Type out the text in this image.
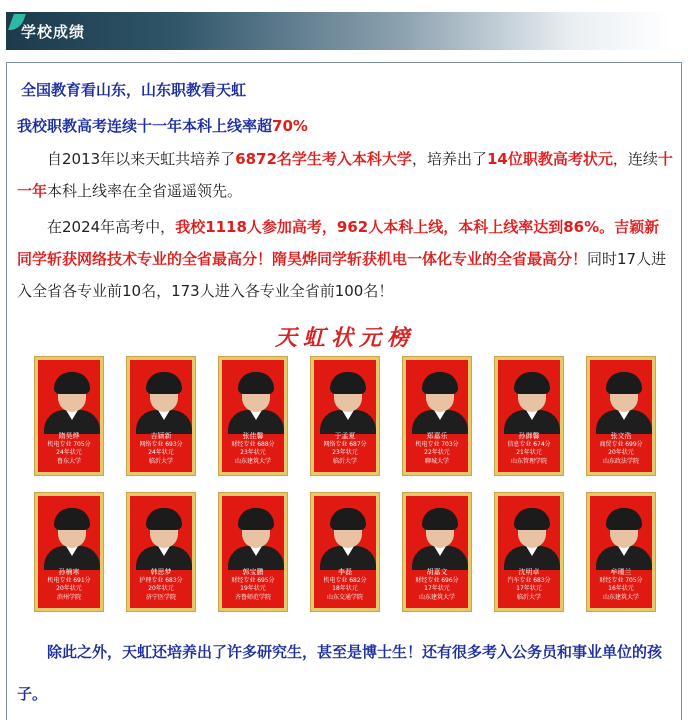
学校成绩
全国教育看山东，山东职教看天虹
我校职教高考连续十一年本科上线率超70%
自2013年以来天虹共培养了6872名学生考入本科大学，培养出了14位职教高考状元，连续十一年本科上线率在全省遥遥领先。
在2024年高考中，我校1118人参加高考，962人本科上线，本科上线率达到86%。吉颖新同学斩获网络技术专业的全省最高分！隋昊烨同学斩获机电一体化专业的全省最高分！同时17人进入全省各专业前10名，173人进入各专业全省前100名！
天虹状元榜
隋昊烨
机电专业 705分
24年状元
鲁东大学
吉颖新
网络专业 693分
24年状元
临沂大学
张佳馨
财经专业 688分
23年状元
山东建筑大学
于孟夏
网络专业 687分
23年状元
临沂大学
郑嘉乐
机电专业 703分
22年状元
聊城大学
孙御馨
信息专业 674分
21年状元
山东管理学院
张文浩
商贸专业 699分
20年状元
山东政法学院
孙楠寒
机电专业 691分
20年状元
滨州学院
韩思梦
护理专业 683分
20年状元
济宁医学院
郭宝鹏
财经专业 695分
19年状元
齐鲁师范学院
李磊
机电专业 682分
18年状元
山东交通学院
胡嘉文
财经专业 696分
17年状元
山东建筑大学
沈明卓
汽车专业 683分
17年状元
临沂大学
牟瑾兰
财经专业 705分
16年状元
山东建筑大学
除此之外，天虹还培养出了许多研究生，甚至是博士生！还有很多考入公务员和事业单位的孩子。
